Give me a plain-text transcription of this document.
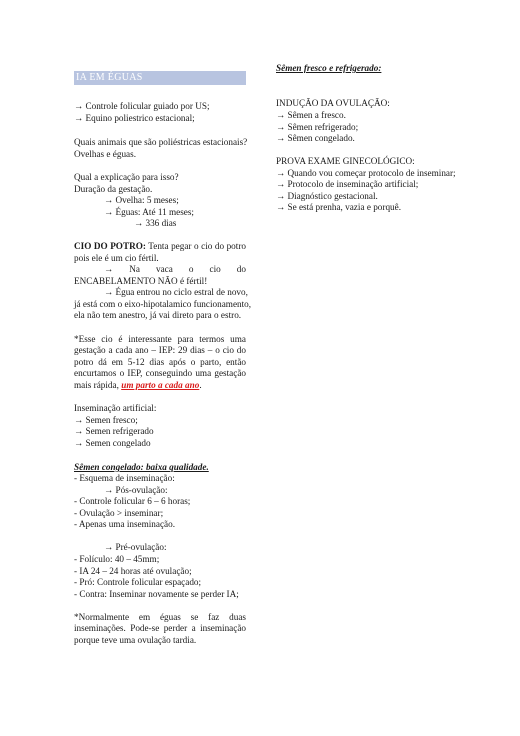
Sêmen fresco e refrigerado:
INDUÇÃO DA OVULAÇÃO:
→ Sêmen a fresco.
→ Sêmen refrigerado;
→ Sêmen congelado.
PROVA EXAME GINECOLÓGICO:
→ Quando vou começar protocolo de inseminar;
→ Protocolo de inseminação artificial;
→ Diagnóstico gestacional.
→ Se está prenha, vazia e porquê.
IA EM ÉGUAS
→ Controle folicular guiado por US;
→ Equino poliestrico estacional;
Quais animais que são poliéstricas estacionais?
Ovelhas e éguas.
Qual a explicação para isso?
Duração da gestação.
→ Ovelha: 5 meses;
→ Éguas: Até 11 meses;
→ 336 dias
CIO DO POTRO: Tenta pegar o cio do potro
pois ele é um cio fértil.
→ Na vaca o cio do
ENCABELAMENTO NÃO é fértil!
→ Égua entrou no ciclo estral de novo,
já está com o eixo-hipotalamico funcionamento,
ela não tem anestro, já vai direto para o estro.
*Esse cio é interessante para termos uma
gestação a cada ano – IEP: 29 dias – o cio do
potro dá em 5-12 dias após o parto, então
encurtamos o IEP, conseguindo uma gestação
mais rápida, um parto a cada ano.
Inseminação artificial:
→ Semen fresco;
→ Semen refrigerado
→ Semen congelado
Sêmen congelado: baixa qualidade.
- Esquema de inseminação:
→ Pós-ovulação:
- Controle folicular 6 – 6 horas;
- Ovulação > inseminar;
- Apenas uma inseminação.
→ Pré-ovulação:
- Folículo: 40 – 45mm;
- IA 24 – 24 horas até ovulação;
- Pró: Controle folicular espaçado;
- Contra: Inseminar novamente se perder IA;
*Normalmente em éguas se faz duas
inseminações. Pode-se perder a inseminação
porque teve uma ovulação tardia.
